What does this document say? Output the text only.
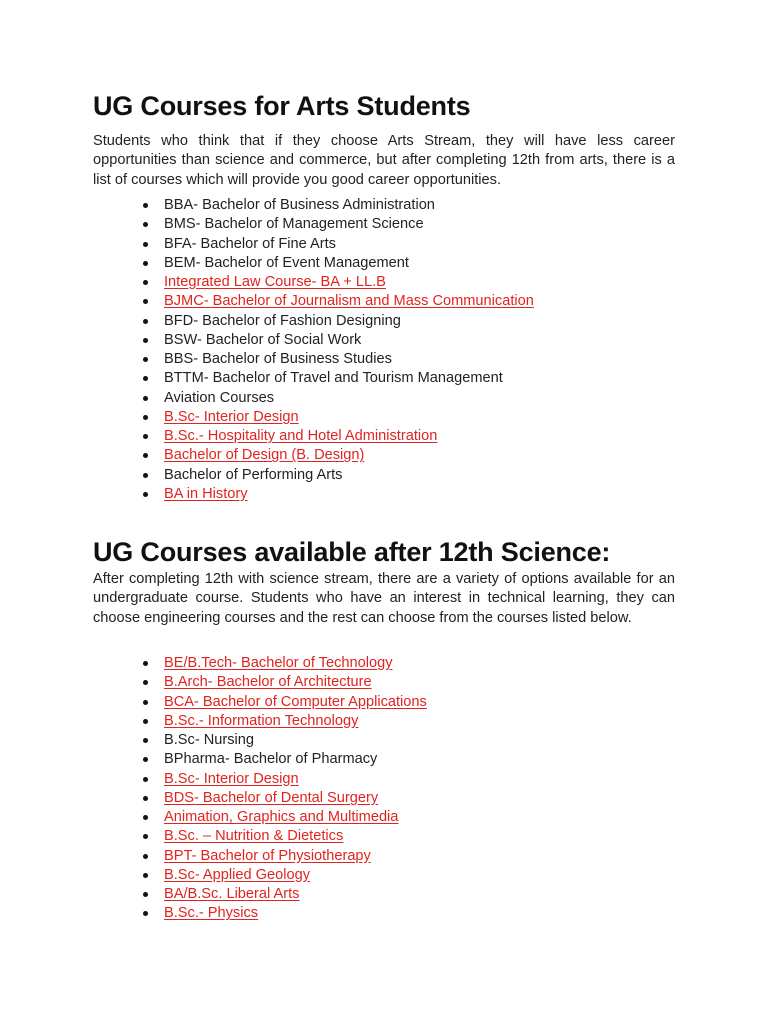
UG Courses for Arts Students

Students who think that if they choose Arts Stream, they will have less career opportunities than science and commerce, but after completing 12th from arts, there is a list of courses which will provide you good career opportunities.

BBA- Bachelor of Business Administration
BMS- Bachelor of Management Science
BFA- Bachelor of Fine Arts
BEM- Bachelor of Event Management
Integrated Law Course- BA + LL.B
BJMC- Bachelor of Journalism and Mass Communication
BFD- Bachelor of Fashion Designing
BSW- Bachelor of Social Work
BBS- Bachelor of Business Studies
BTTM- Bachelor of Travel and Tourism Management
Aviation Courses
B.Sc- Interior Design
B.Sc.- Hospitality and Hotel Administration
Bachelor of Design (B. Design)
Bachelor of Performing Arts
BA in History
UG Courses available after 12th Science:

After completing 12th with science stream, there are a variety of options available for an undergraduate course. Students who have an interest in technical learning, they can choose engineering courses and the rest can choose from the courses listed below.

BE/B.Tech- Bachelor of Technology
B.Arch- Bachelor of Architecture
BCA- Bachelor of Computer Applications
B.Sc.- Information Technology
B.Sc- Nursing
BPharma- Bachelor of Pharmacy
B.Sc- Interior Design
BDS- Bachelor of Dental Surgery
Animation, Graphics and Multimedia
B.Sc. – Nutrition & Dietetics
BPT- Bachelor of Physiotherapy
B.Sc- Applied Geology
BA/B.Sc. Liberal Arts
B.Sc.- Physics
